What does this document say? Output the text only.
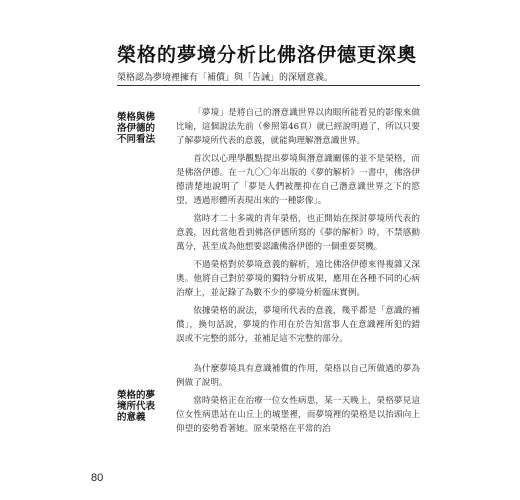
榮格的夢境分析比佛洛伊德更深奧
榮格認為夢境裡擁有「補償」與「告誡」的深層意義。
榮格與佛
洛伊德的
不同看法
榮格的夢
境所代表
的意義

「夢境」是將自己的潛意識世界以肉眼所能看見的影像來做比喻，這個說法先前（參照第46頁）就已經說明過了，所以只要了解夢境所代表的意義，就能夠理解潛意識世界。

首次以心理學觀點提出夢境與潛意識關係的並不是榮格，而是佛洛伊德。在一九〇〇年出版的《夢的解析》一書中，佛洛伊德清楚地說明了「夢是人們被壓抑在自己潛意識世界之下的慾望，透過形體所表現出來的一種影像」。

當時才二十多歲的青年榮格，也正開始在探討夢境所代表的意義，因此當他看到佛洛伊德所寫的《夢的解析》時，不禁感動萬分，甚至成為他想要認識佛洛伊德的一個重要契機。

不過榮格對於夢境意義的解析，遠比佛洛伊德來得複雜又深奧。他將自己對於夢境的獨特分析成果，應用在各種不同的心病治療上，並記錄了為數不少的夢境分析臨床實例。

依據榮格的說法，夢境所代表的意義，幾乎都是「意識的補償」，換句話說，夢境的作用在於告知當事人在意識裡所犯的錯誤或不完整的部分，並補足這不完整的部分。

為什麼夢境具有意識補償的作用，榮格以自己所做過的夢為例做了說明。

當時榮格正在治療一位女性病患，某一天晚上，榮格夢見這位女性病患站在山丘上的城堡裡，而夢境裡的榮格是以抬頭向上仰望的姿勢看著她。原來榮格在平常的治

80
